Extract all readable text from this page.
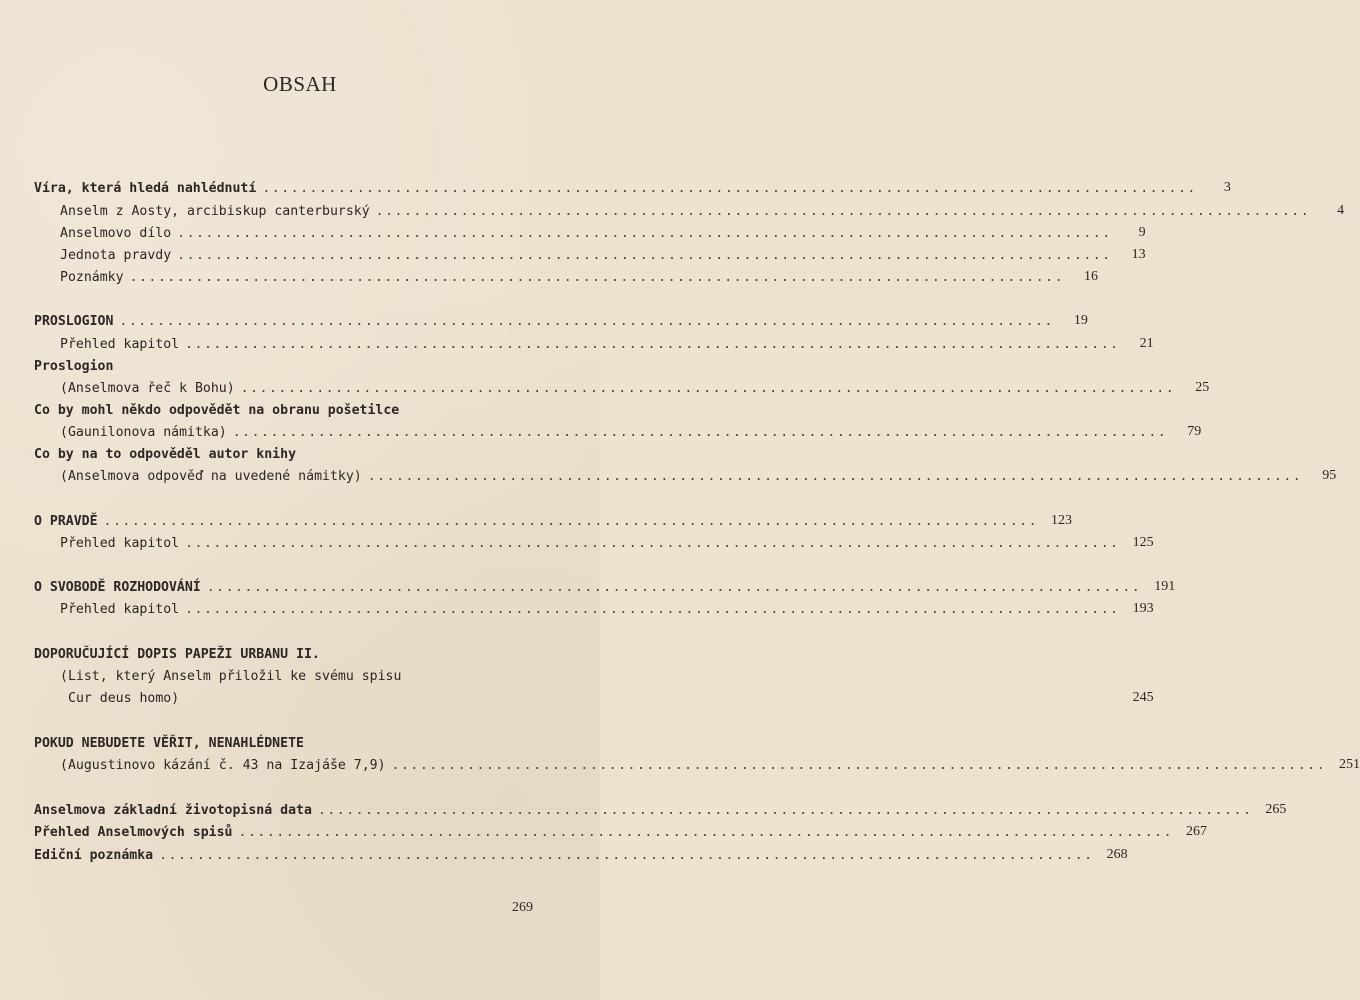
OBSAH
Víra, která hledá nahlédnutí ...................................................................................................	3
Anselm z Aosty, arcibiskup canterburský ...................................................................................................	4
Anselmovo dílo ...................................................................................................	9
Jednota pravdy ...................................................................................................	13
Poznámky ...................................................................................................	16
PROSLOGION ...................................................................................................	19
Přehled kapitol ...................................................................................................	21
Proslogion
(Anselmova řeč k Bohu) ...................................................................................................	25
Co by mohl někdo odpovědět na obranu pošetilce
(Gaunilonova námitka) ...................................................................................................	79
Co by na to odpověděl autor knihy
(Anselmova odpověď na uvedené námitky) ...................................................................................................	95
O PRAVDĚ ................................................................................................... 123
Přehled kapitol ................................................................................................... 125
O SVOBODĚ ROZHODOVÁNÍ ................................................................................................... 191
Přehled kapitol ................................................................................................... 193
DOPORUČUJÍCÍ DOPIS PAPEŽI URBANU II.
(List, který Anselm přiložil ke svému spisu
Cur deus homo)	245
POKUD NEBUDETE VĚŘIT, NENAHLÉDNETE
(Augustinovo kázání č. 43 na Izajáše 7,9) ................................................................................................... 251
Anselmova základní životopisná data ................................................................................................... 265
Přehled Anselmových spisů ................................................................................................... 267
Ediční poznámka ................................................................................................... 268
269
